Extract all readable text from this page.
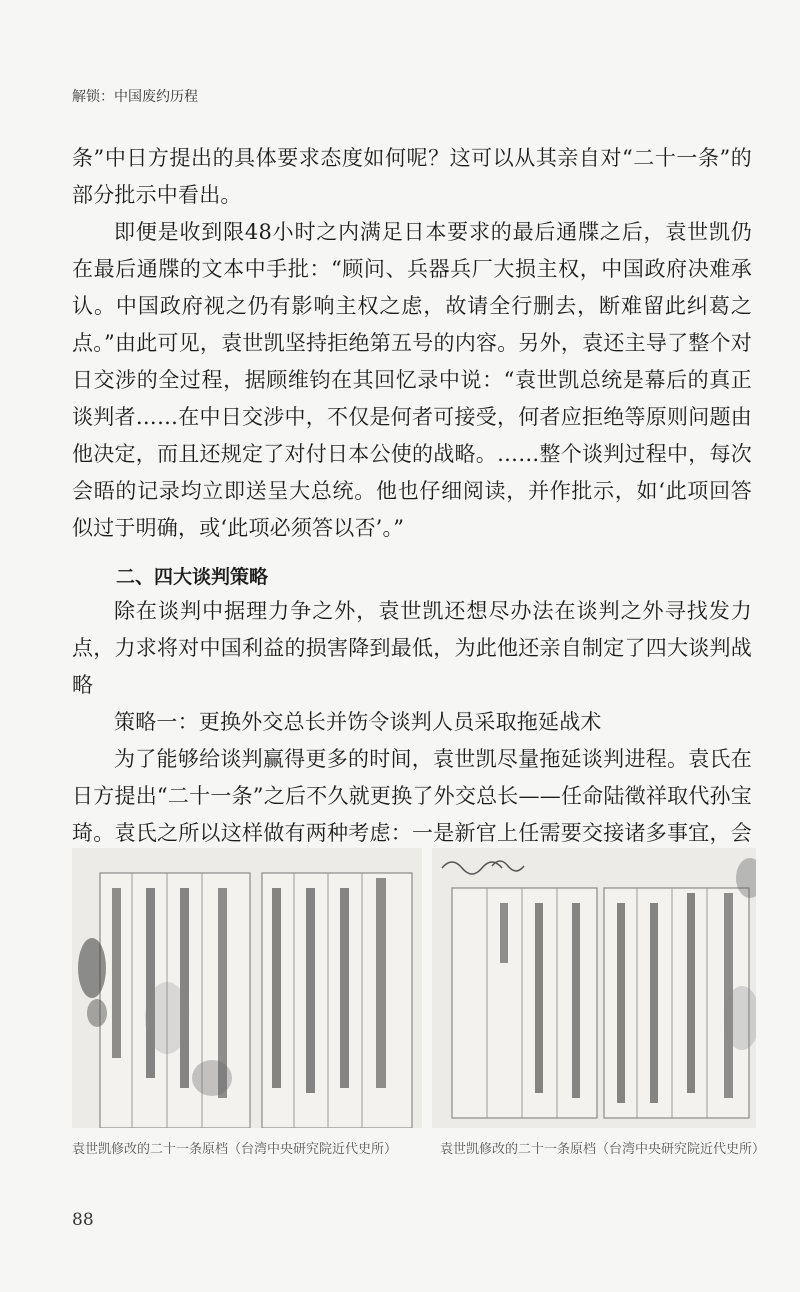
解锁：中国废约历程

条”中日方提出的具体要求态度如何呢？这可以从其亲自对“二十一条”的部分批示中看出。

即便是收到限48小时之内满足日本要求的最后通牒之后，袁世凯仍在最后通牒的文本中手批：“顾问、兵器兵厂大损主权，中国政府决难承认。中国政府视之仍有影响主权之虑，故请全行删去，断难留此纠葛之点。”由此可见，袁世凯坚持拒绝第五号的内容。另外，袁还主导了整个对日交涉的全过程，据顾维钧在其回忆录中说：“袁世凯总统是幕后的真正谈判者……在中日交涉中，不仅是何者可接受，何者应拒绝等原则问题由他决定，而且还规定了对付日本公使的战略。……整个谈判过程中，每次会晤的记录均立即送呈大总统。他也仔细阅读，并作批示，如‘此项回答似过于明确，或‘此项必须答以否’。”

二、四大谈判策略

除在谈判中据理力争之外，袁世凯还想尽办法在谈判之外寻找发力点，力求将对中国利益的损害降到最低，为此他还亲自制定了四大谈判战略

策略一：更换外交总长并饬令谈判人员采取拖延战术

为了能够给谈判赢得更多的时间，袁世凯尽量拖延谈判进程。袁氏在日方提出“二十一条”之后不久就更换了外交总长——任命陆徵祥取代孙宝琦。袁氏之所以这样做有两种考虑：一是新官上任需要交接诸多事宜，会

袁世凯修改的二十一条原档（台湾中央研究院近代史所）	袁世凯修改的二十一条原档（台湾中央研究院近代史所）
88
